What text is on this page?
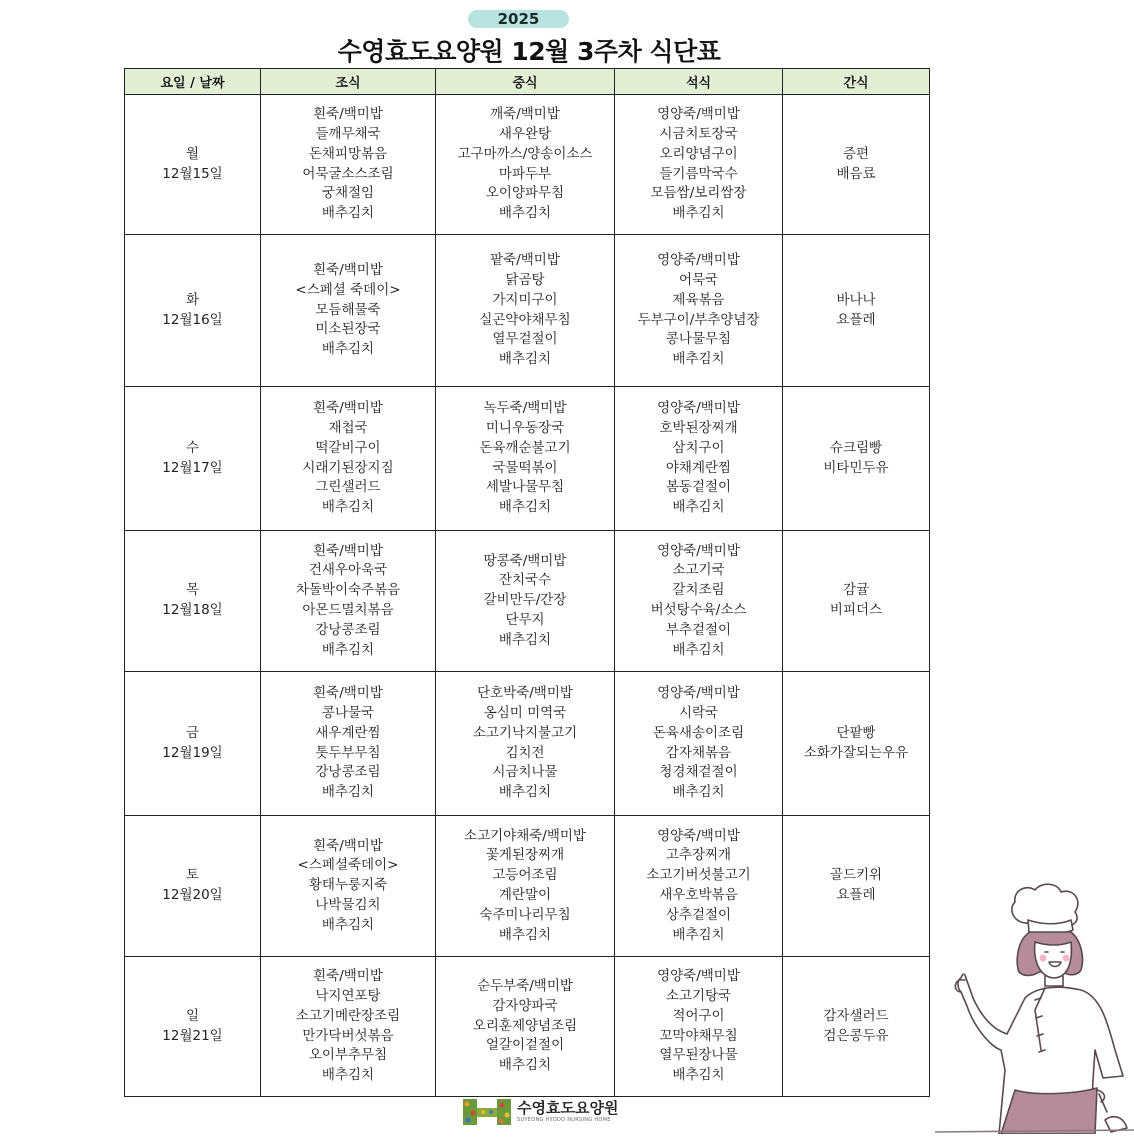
2025
수영효도요양원 12월 3주차 식단표
요일 / 날짜	조식	중식	석식	간식

월
12월15일

흰죽/백미밥
들깨무채국
돈채피망볶음
어묵굴소스조림
궁채절임
배추김치

깨죽/백미밥
새우완탕
고구마까스/양송이소스
마파두부
오이양파무침
배추김치

영양죽/백미밥
시금치토장국
오리양념구이
들기름막국수
모듬쌈/보리쌈장
배추김치

증편
배음료

화
12월16일

흰죽/백미밥
<스페셜 죽데이>
모듬해물죽
미소된장국
배추김치

팥죽/백미밥
닭곰탕
가지미구이
실곤약야채무침
열무겉절이
배추김치

영양죽/백미밥
어묵국
제육볶음
두부구이/부추양념장
콩나물무침
배추김치

바나나
요플레

수
12월17일

흰죽/백미밥
재첩국
떡갈비구이
시래기된장지짐
그린샐러드
배추김치

녹두죽/백미밥
미니우동장국
돈육깨순불고기
국물떡볶이
세발나물무침
배추김치

영양죽/백미밥
호박된장찌개
삼치구이
야채계란찜
봄동겉절이
배추김치

슈크림빵
비타민두유

목
12월18일

흰죽/백미밥
건새우아욱국
차돌박이숙주볶음
아몬드멸치볶음
강낭콩조림
배추김치

땅콩죽/백미밥
잔치국수
갈비만두/간장
단무지
배추김치

영양죽/백미밥
소고기국
갈치조림
버섯탕수육/소스
부추겉절이
배추김치

감귤
비피더스

금
12월19일

흰죽/백미밥
콩나물국
새우계란찜
톳두부무침
강낭콩조림
배추김치

단호박죽/백미밥
옹심미 미역국
소고기낙지불고기
김치전
시금치나물
배추김치

영양죽/백미밥
시락국
돈육새송이조림
감자채볶음
청경채겉절이
배추김치

단팥빵
소화가잘되는우유

토
12월20일

흰죽/백미밥
<스페셜죽데이>
황태누룽지죽
나박물김치
배추김치

소고기야채죽/백미밥
꽃게된장찌개
고등어조림
계란말이
숙주미나리무침
배추김치

영양죽/백미밥
고추장찌개
소고기버섯불고기
새우호박볶음
상추겉절이
배추김치

골드키위
요플레

일
12월21일

흰죽/백미밥
낙지연포탕
소고기메란장조림
만가닥버섯볶음
오이부추무침
배추김치

순두부죽/백미밥
감자양파국
오리훈제양념조림
얼갈이겉절이
배추김치

영양죽/백미밥
소고기탕국
적어구이
꼬막야채무침
열무된장나물
배추김치

감자샐러드
검은콩두유
수영효도요양원
SUYEONG HYODO NURSING HOME
